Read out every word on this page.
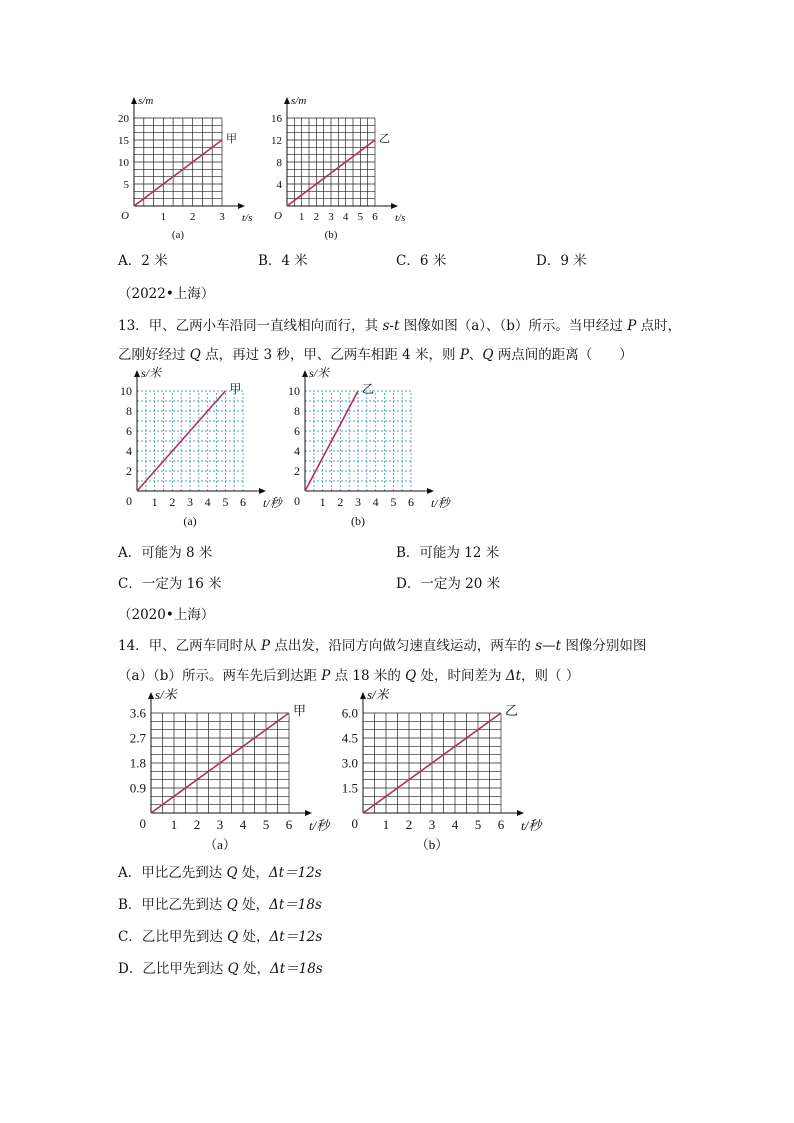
1 2 3
5
10
15
20
O	t/s
s/m
甲
(a)
1 2 3 4 5 6
4
8
12
16
O	t/s
s/m
乙
(b)
A．2 米	B．4 米	C．6 米	D．9 米
（2022•上海）
13．甲、乙两小车沿同一直线相向而行，其 s-t 图像如图（a）、（b）所示。当甲经过 P 点时，
乙刚好经过 Q 点，再过 3 秒，甲、乙两车相距 4 米，则 P、Q 两点间的距离（　　）
1 2 3 4 5 6
2
4
6
8
10
0	t/秒
s/米
甲
(a)
1 2 3 4 5 6
2
4
6
8
10
0	t/秒
s/米
乙
(b)
A．可能为 8 米	B．可能为 12 米
C．一定为 16 米	D．一定为 20 米
（2020•上海）
14．甲、乙两车同时从 P 点出发，沿同方向做匀速直线运动，两车的 s—t 图像分别如图
（a）（b）所示。两车先后到达距 P 点 18 米的 Q 处，时间差为 Δt，则（ ）
1 2 3 4 5 6
0.9
1.8
2.7
3.6
0	t/秒
s/米
甲
（a）
1 2 3 4 5 6
1.5
3.0
4.5
6.0
0	t/秒
s/米
乙
（b）
A．甲比乙先到达 Q 处，Δt＝12s
B．甲比乙先到达 Q 处，Δt＝18s
C．乙比甲先到达 Q 处，Δt＝12s
D．乙比甲先到达 Q 处，Δt＝18s
